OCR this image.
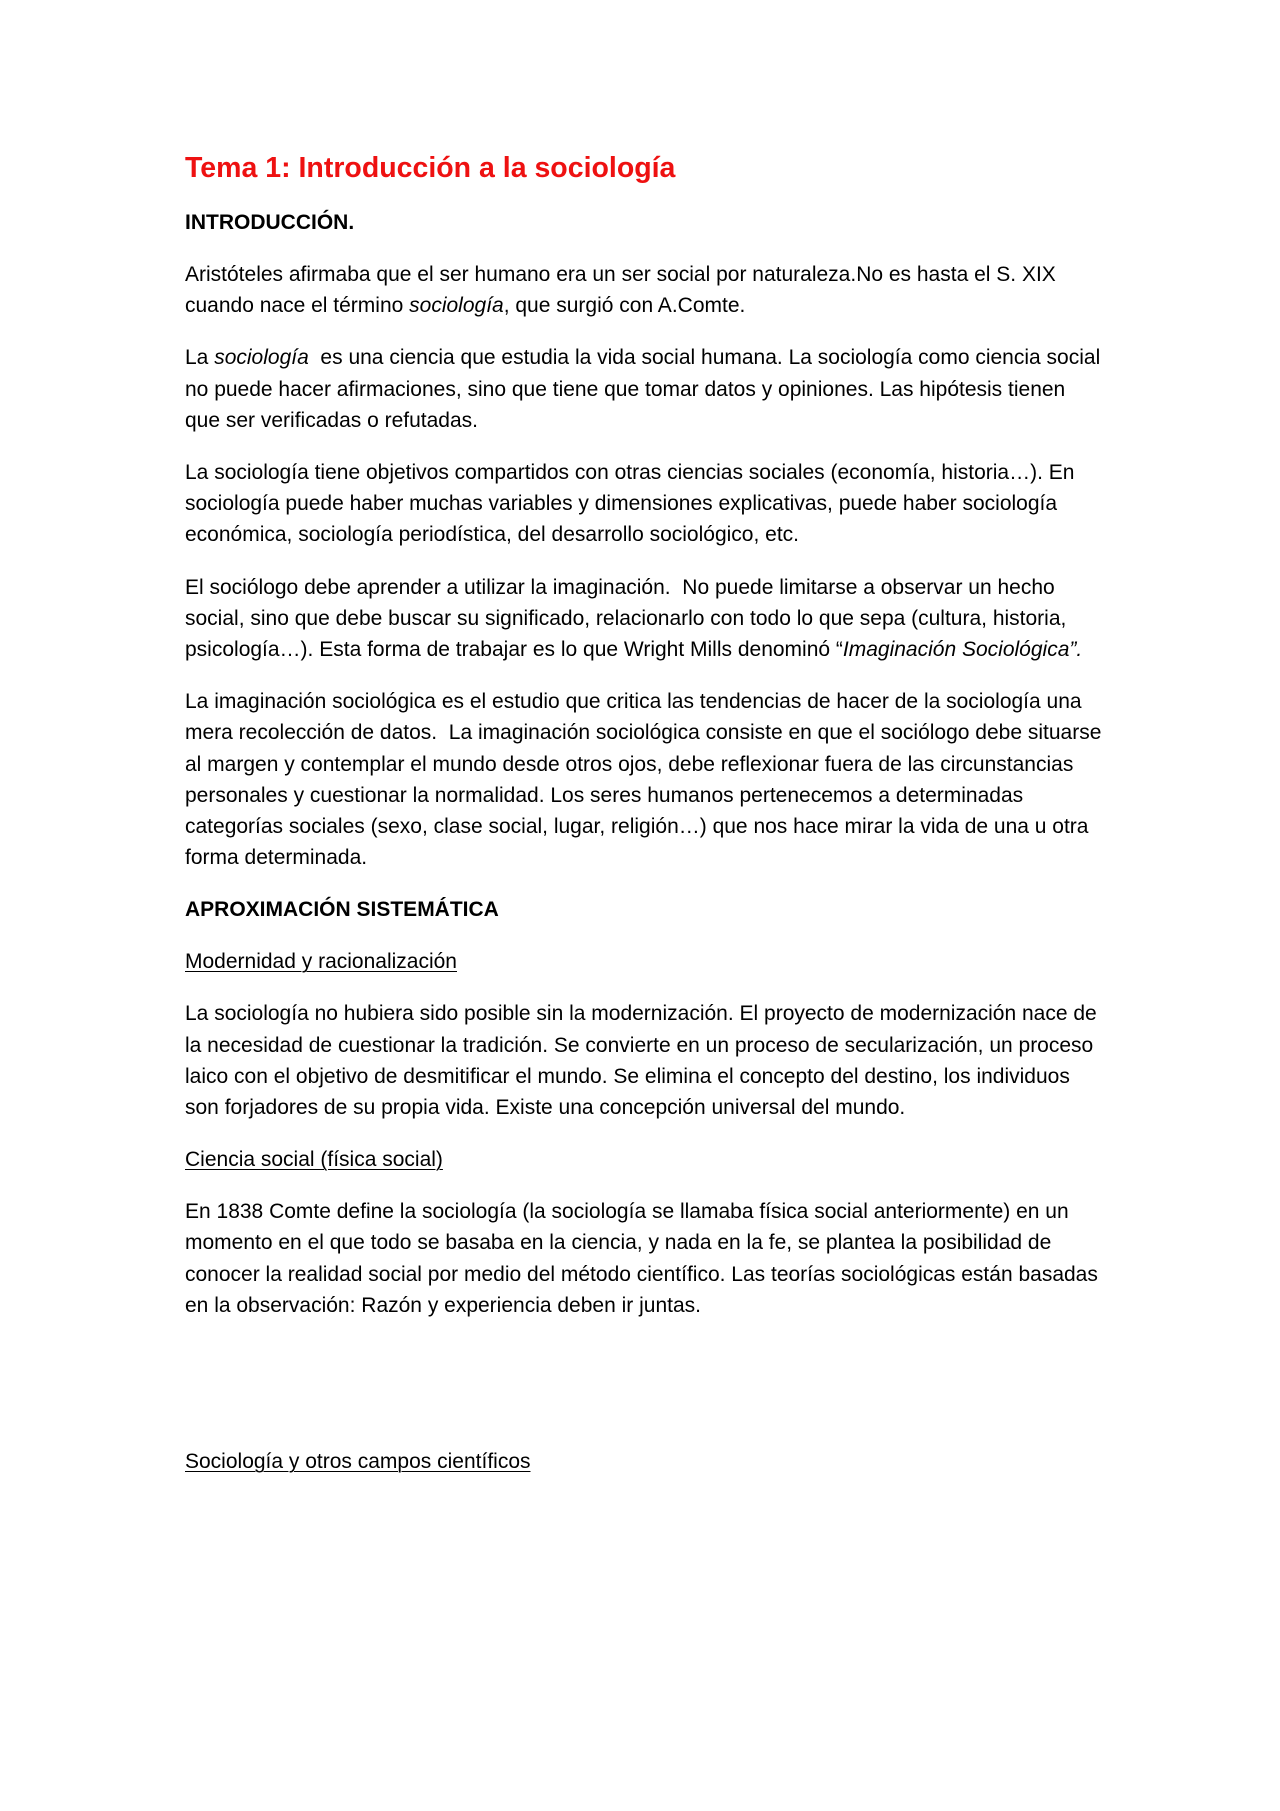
Tema 1: Introducción a la sociología
INTRODUCCIÓN.

Aristóteles afirmaba que el ser humano era un ser social por naturaleza.No es hasta el S. XIX cuando nace el término sociología, que surgió con A.Comte.

La sociología  es una ciencia que estudia la vida social humana. La sociología como ciencia social no puede hacer afirmaciones, sino que tiene que tomar datos y opiniones. Las hipótesis tienen que ser verificadas o refutadas.

La sociología tiene objetivos compartidos con otras ciencias sociales (economía, historia…). En sociología puede haber muchas variables y dimensiones explicativas, puede haber sociología económica, sociología periodística, del desarrollo sociológico, etc.

El sociólogo debe aprender a utilizar la imaginación.  No puede limitarse a observar un hecho social, sino que debe buscar su significado, relacionarlo con todo lo que sepa (cultura, historia, psicología…). Esta forma de trabajar es lo que Wright Mills denominó “Imaginación Sociológica”.

La imaginación sociológica es el estudio que critica las tendencias de hacer de la sociología una mera recolección de datos.  La imaginación sociológica consiste en que el sociólogo debe situarse al margen y contemplar el mundo desde otros ojos, debe reflexionar fuera de las circunstancias personales y cuestionar la normalidad. Los seres humanos pertenecemos a determinadas categorías sociales (sexo, clase social, lugar, religión…) que nos hace mirar la vida de una u otra forma determinada.

APROXIMACIÓN SISTEMÁTICA
Modernidad y racionalización

La sociología no hubiera sido posible sin la modernización. El proyecto de modernización nace de la necesidad de cuestionar la tradición. Se convierte en un proceso de secularización, un proceso laico con el objetivo de desmitificar el mundo. Se elimina el concepto del destino, los individuos son forjadores de su propia vida. Existe una concepción universal del mundo.

Ciencia social (física social)

En 1838 Comte define la sociología (la sociología se llamaba física social anteriormente) en un momento en el que todo se basaba en la ciencia, y nada en la fe, se plantea la posibilidad de conocer la realidad social por medio del método científico. Las teorías sociológicas están basadas en la observación: Razón y experiencia deben ir juntas.

Sociología y otros campos científicos
